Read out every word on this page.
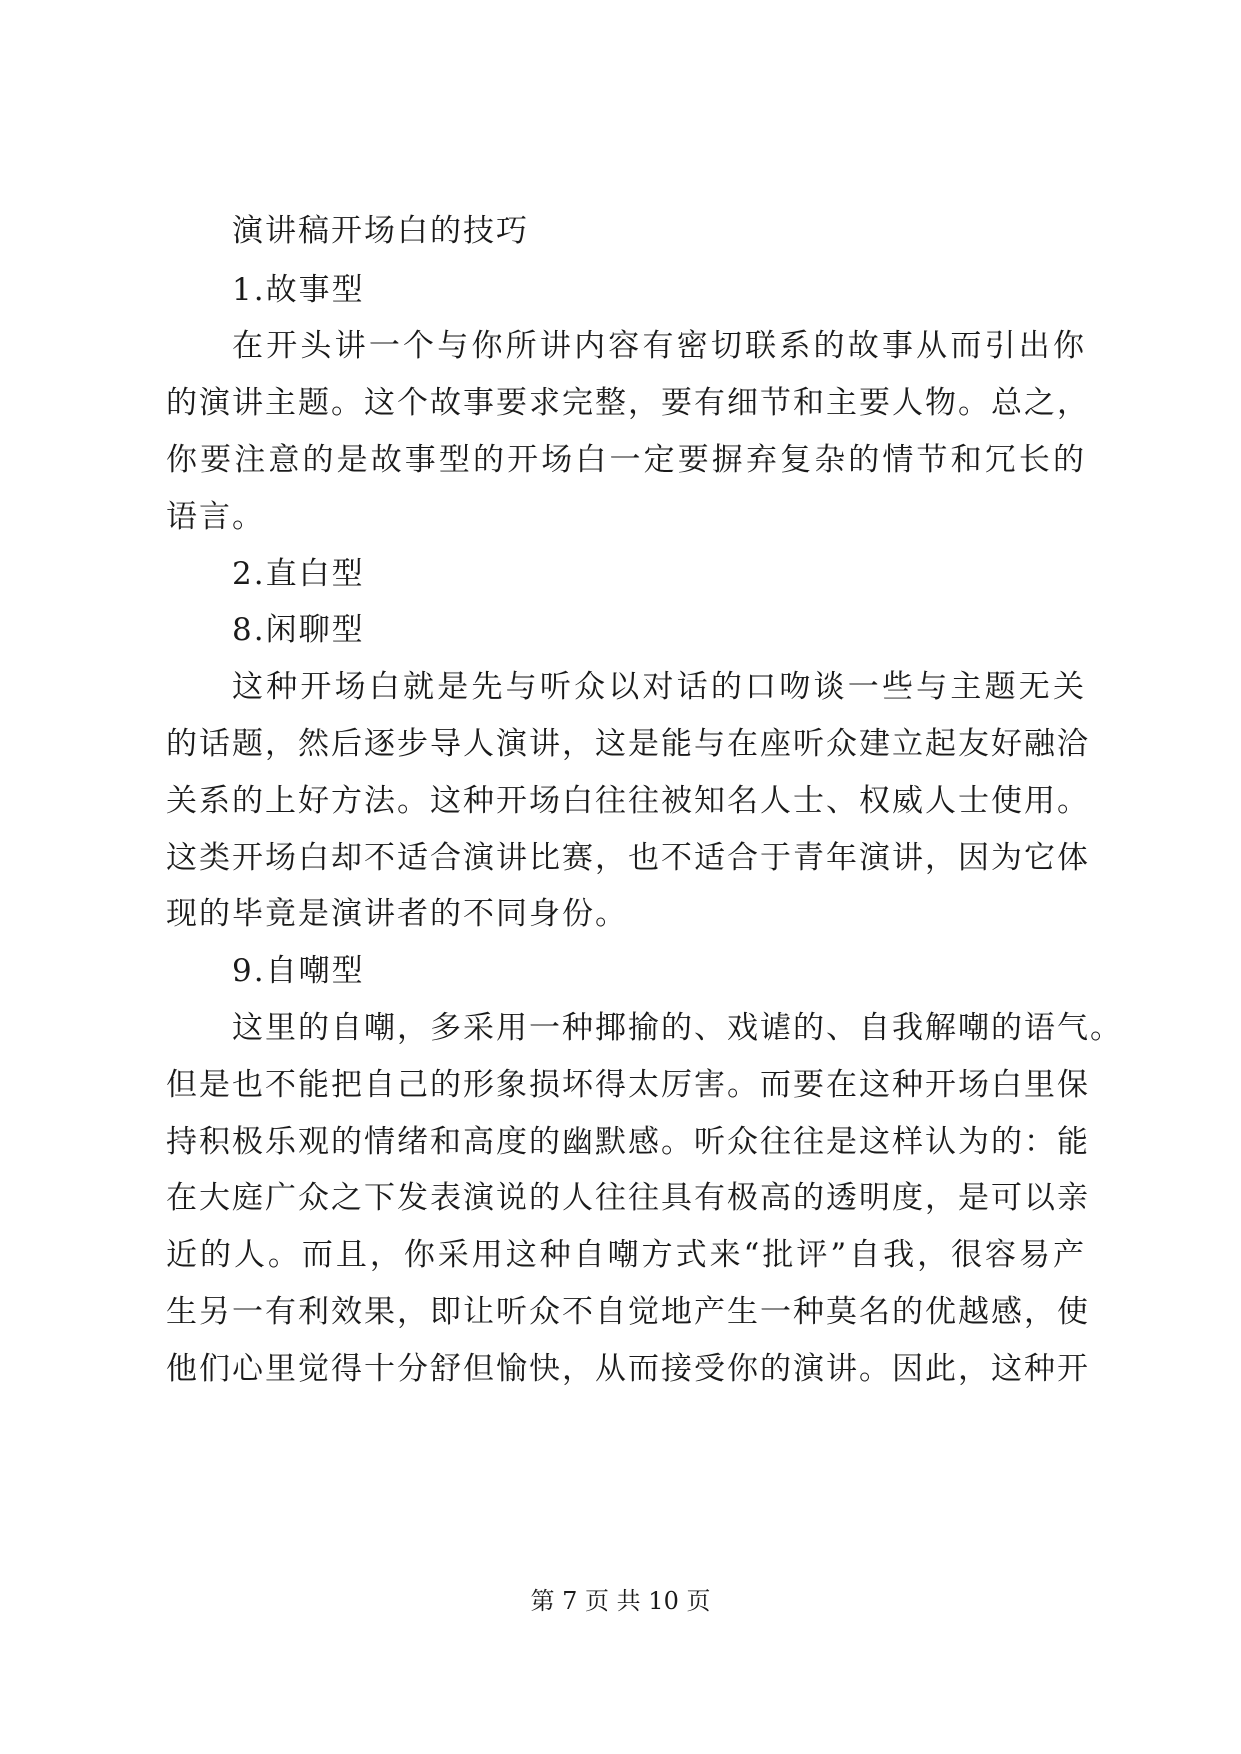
演讲稿开场白的技巧
1.故事型
在开头讲一个与你所讲内容有密切联系的故事从而引出你
的演讲主题。这个故事要求完整，要有细节和主要人物。总之，
你要注意的是故事型的开场白一定要摒弃复杂的情节和冗长的
语言。
2.直白型
8.闲聊型
这种开场白就是先与听众以对话的口吻谈一些与主题无关
的话题，然后逐步导人演讲，这是能与在座听众建立起友好融洽
关系的上好方法。这种开场白往往被知名人士、权威人士使用。
这类开场白却不适合演讲比赛，也不适合于青年演讲，因为它体
现的毕竟是演讲者的不同身份。
9.自嘲型
这里的自嘲，多采用一种揶揄的、戏谑的、自我解嘲的语气。
但是也不能把自己的形象损坏得太厉害。而要在这种开场白里保
持积极乐观的情绪和高度的幽默感。听众往往是这样认为的：能
在大庭广众之下发表演说的人往往具有极高的透明度，是可以亲
近的人。而且，你采用这种自嘲方式来“批评”自我，很容易产
生另一有利效果，即让听众不自觉地产生一种莫名的优越感，使
他们心里觉得十分舒但愉快，从而接受你的演讲。因此，这种开
第 7 页 共 10 页
